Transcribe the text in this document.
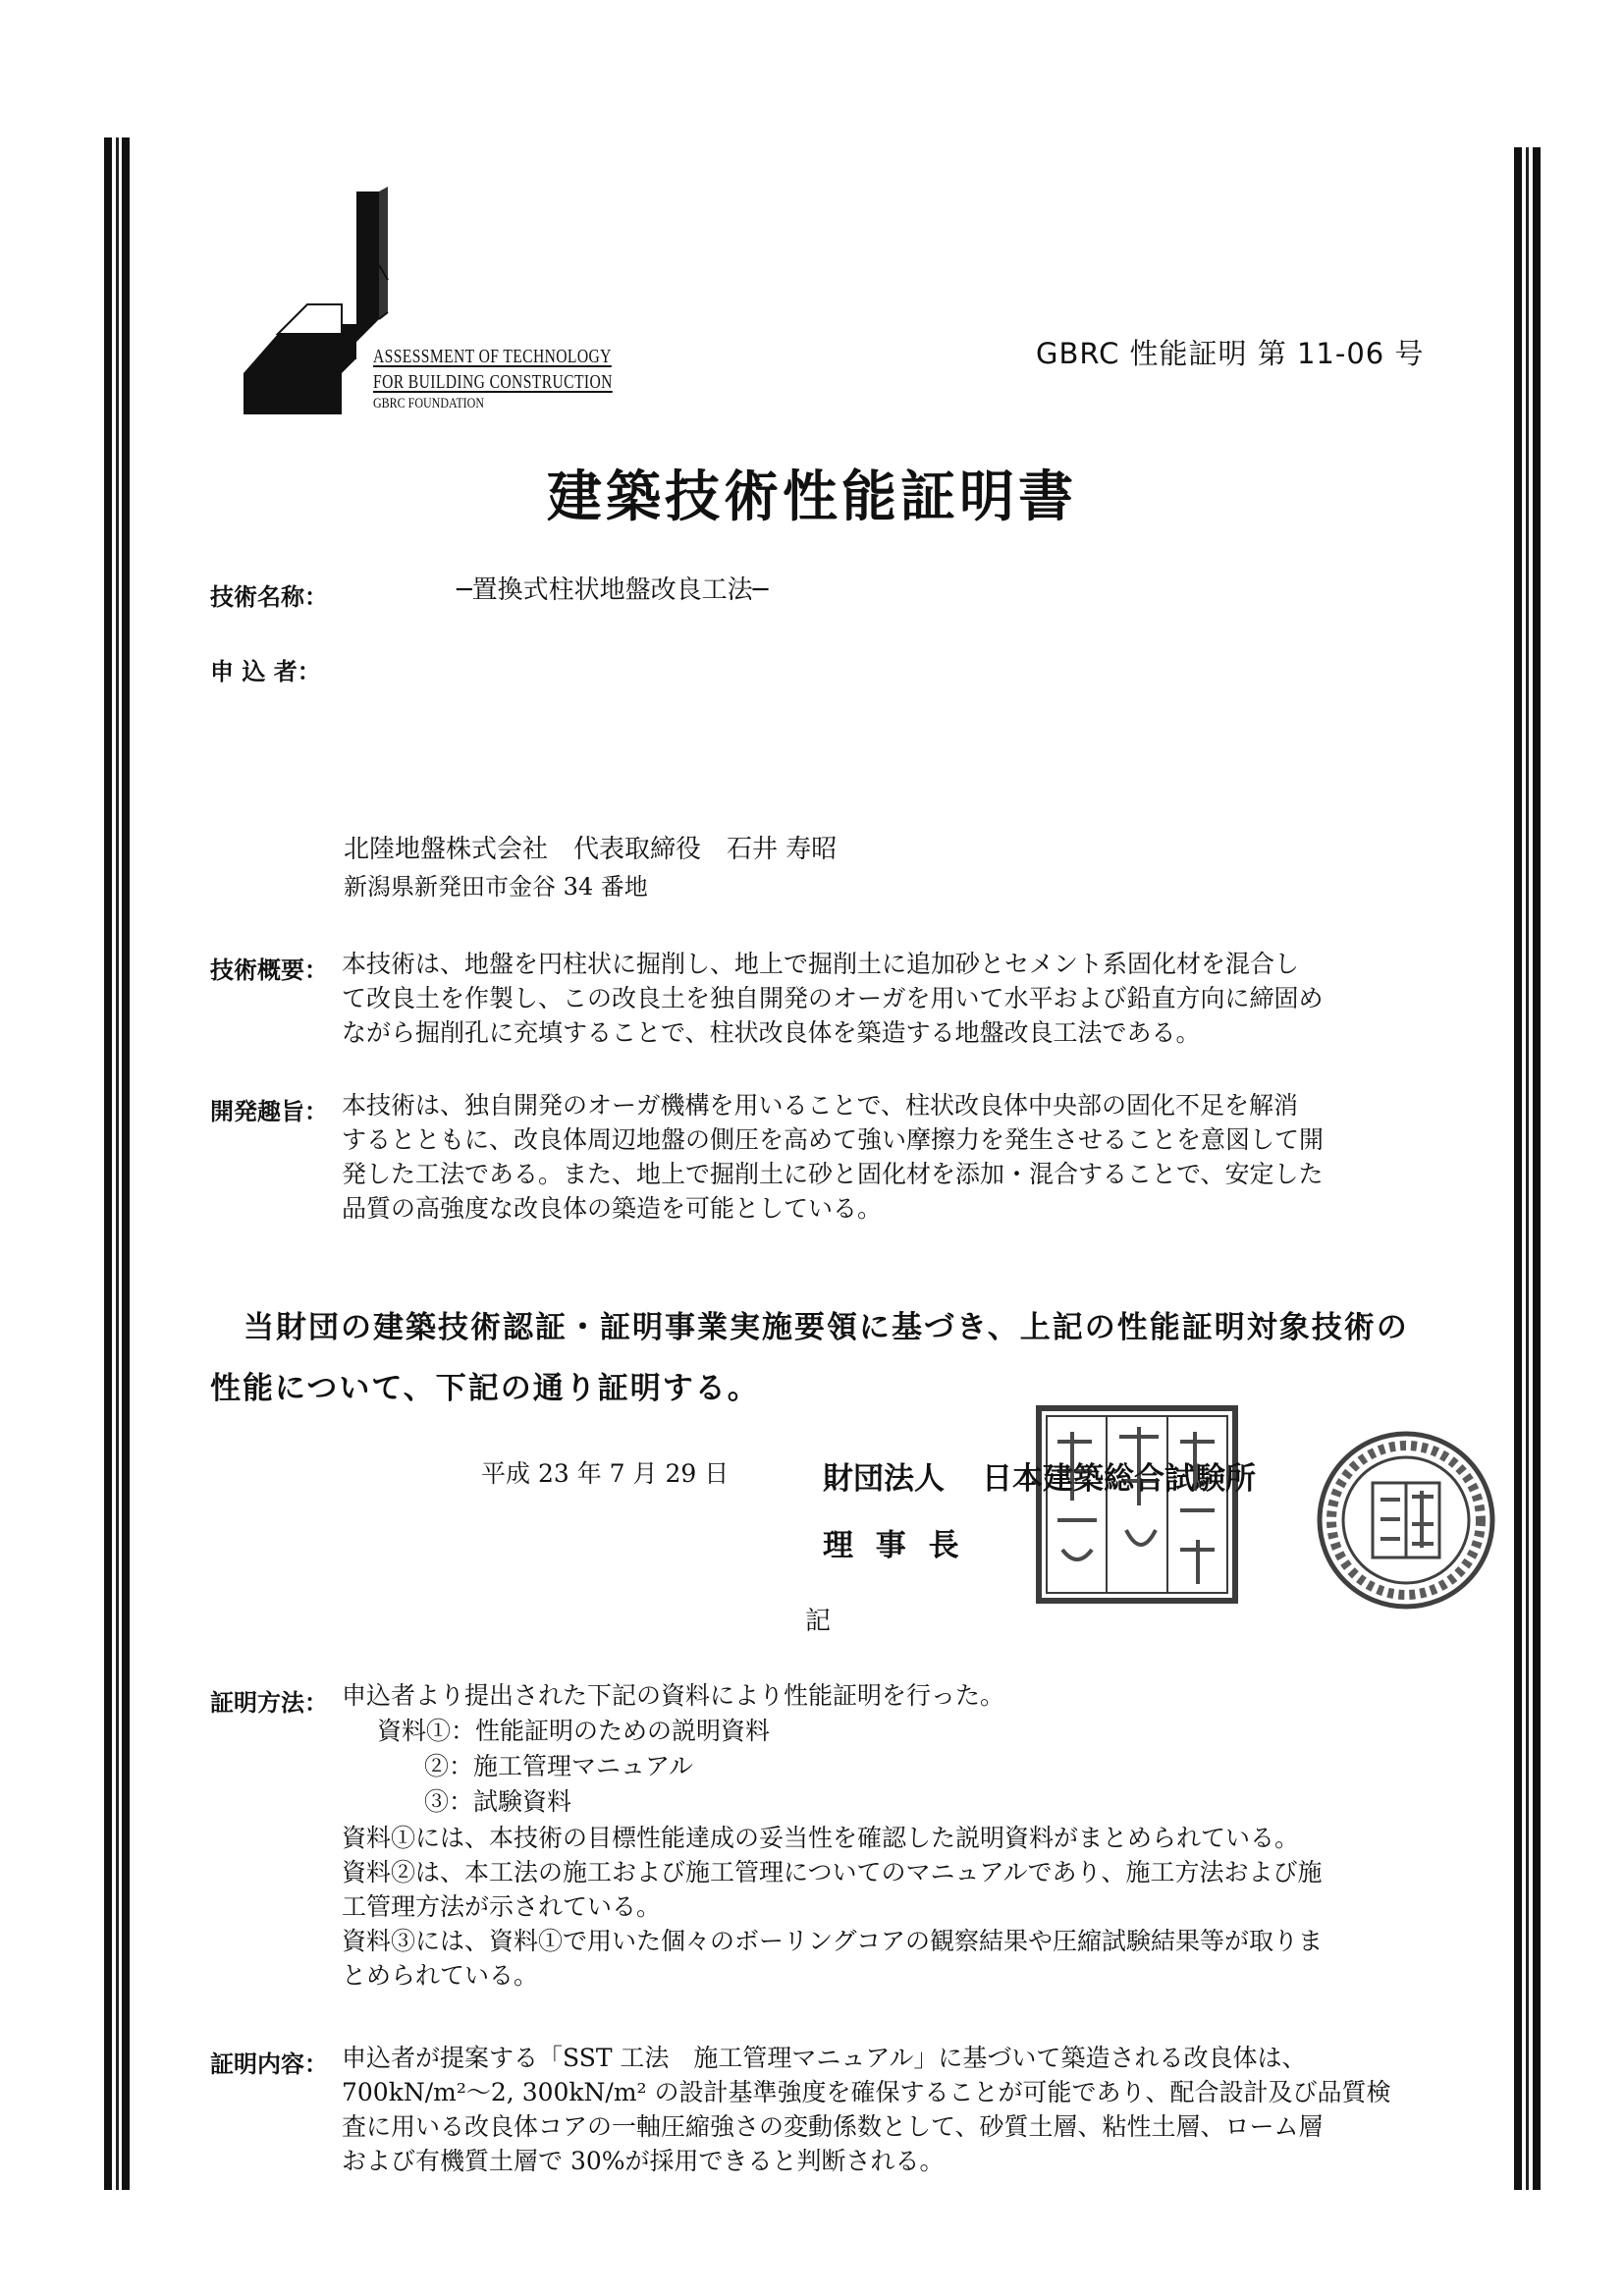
ASSESSMENT OF TECHNOLOGY
FOR BUILDING CONSTRUCTION
GBRC FOUNDATION
GBRC 性能証明 第 11-06 号
建築技術性能証明書
技術名称：	─置換式柱状地盤改良工法─
申 込 者：
北陸地盤株式会社　代表取締役　石井 寿昭
新潟県新発田市金谷 34 番地
技術概要： 本技術は、地盤を円柱状に掘削し、地上で掘削土に追加砂とセメント系固化材を混合し

て改良土を作製し、この改良土を独自開発のオーガを用いて水平および鉛直方向に締固め

ながら掘削孔に充填することで、柱状改良体を築造する地盤改良工法である。

開発趣旨： 本技術は、独自開発のオーガ機構を用いることで、柱状改良体中央部の固化不足を解消

するとともに、改良体周辺地盤の側圧を高めて強い摩擦力を発生させることを意図して開

発した工法である。また、地上で掘削土に砂と固化材を添加・混合することで、安定した

品質の高強度な改良体の築造を可能としている。

当財団の建築技術認証・証明事業実施要領に基づき、上記の性能証明対象技術の
性能について、下記の通り証明する。
平成 23 年 7 月 29 日	財団法人 日本建築総合試験所
理 事 長
記
証明方法： 申込者より提出された下記の資料により性能証明を行った。
資料①：性能証明のための説明資料
②：施工管理マニュアル
③：試験資料

資料①には、本技術の目標性能達成の妥当性を確認した説明資料がまとめられている。

資料②は、本工法の施工および施工管理についてのマニュアルであり、施工方法および施

工管理方法が示されている。

資料③には、資料①で用いた個々のボーリングコアの観察結果や圧縮試験結果等が取りま

とめられている。

証明内容： 申込者が提案する「SST 工法　施工管理マニュアル」に基づいて築造される改良体は、

700kN/m²～2, 300kN/m² の設計基準強度を確保することが可能であり、配合設計及び品質検

査に用いる改良体コアの一軸圧縮強さの変動係数として、砂質土層、粘性土層、ローム層

および有機質土層で 30%が採用できると判断される。
